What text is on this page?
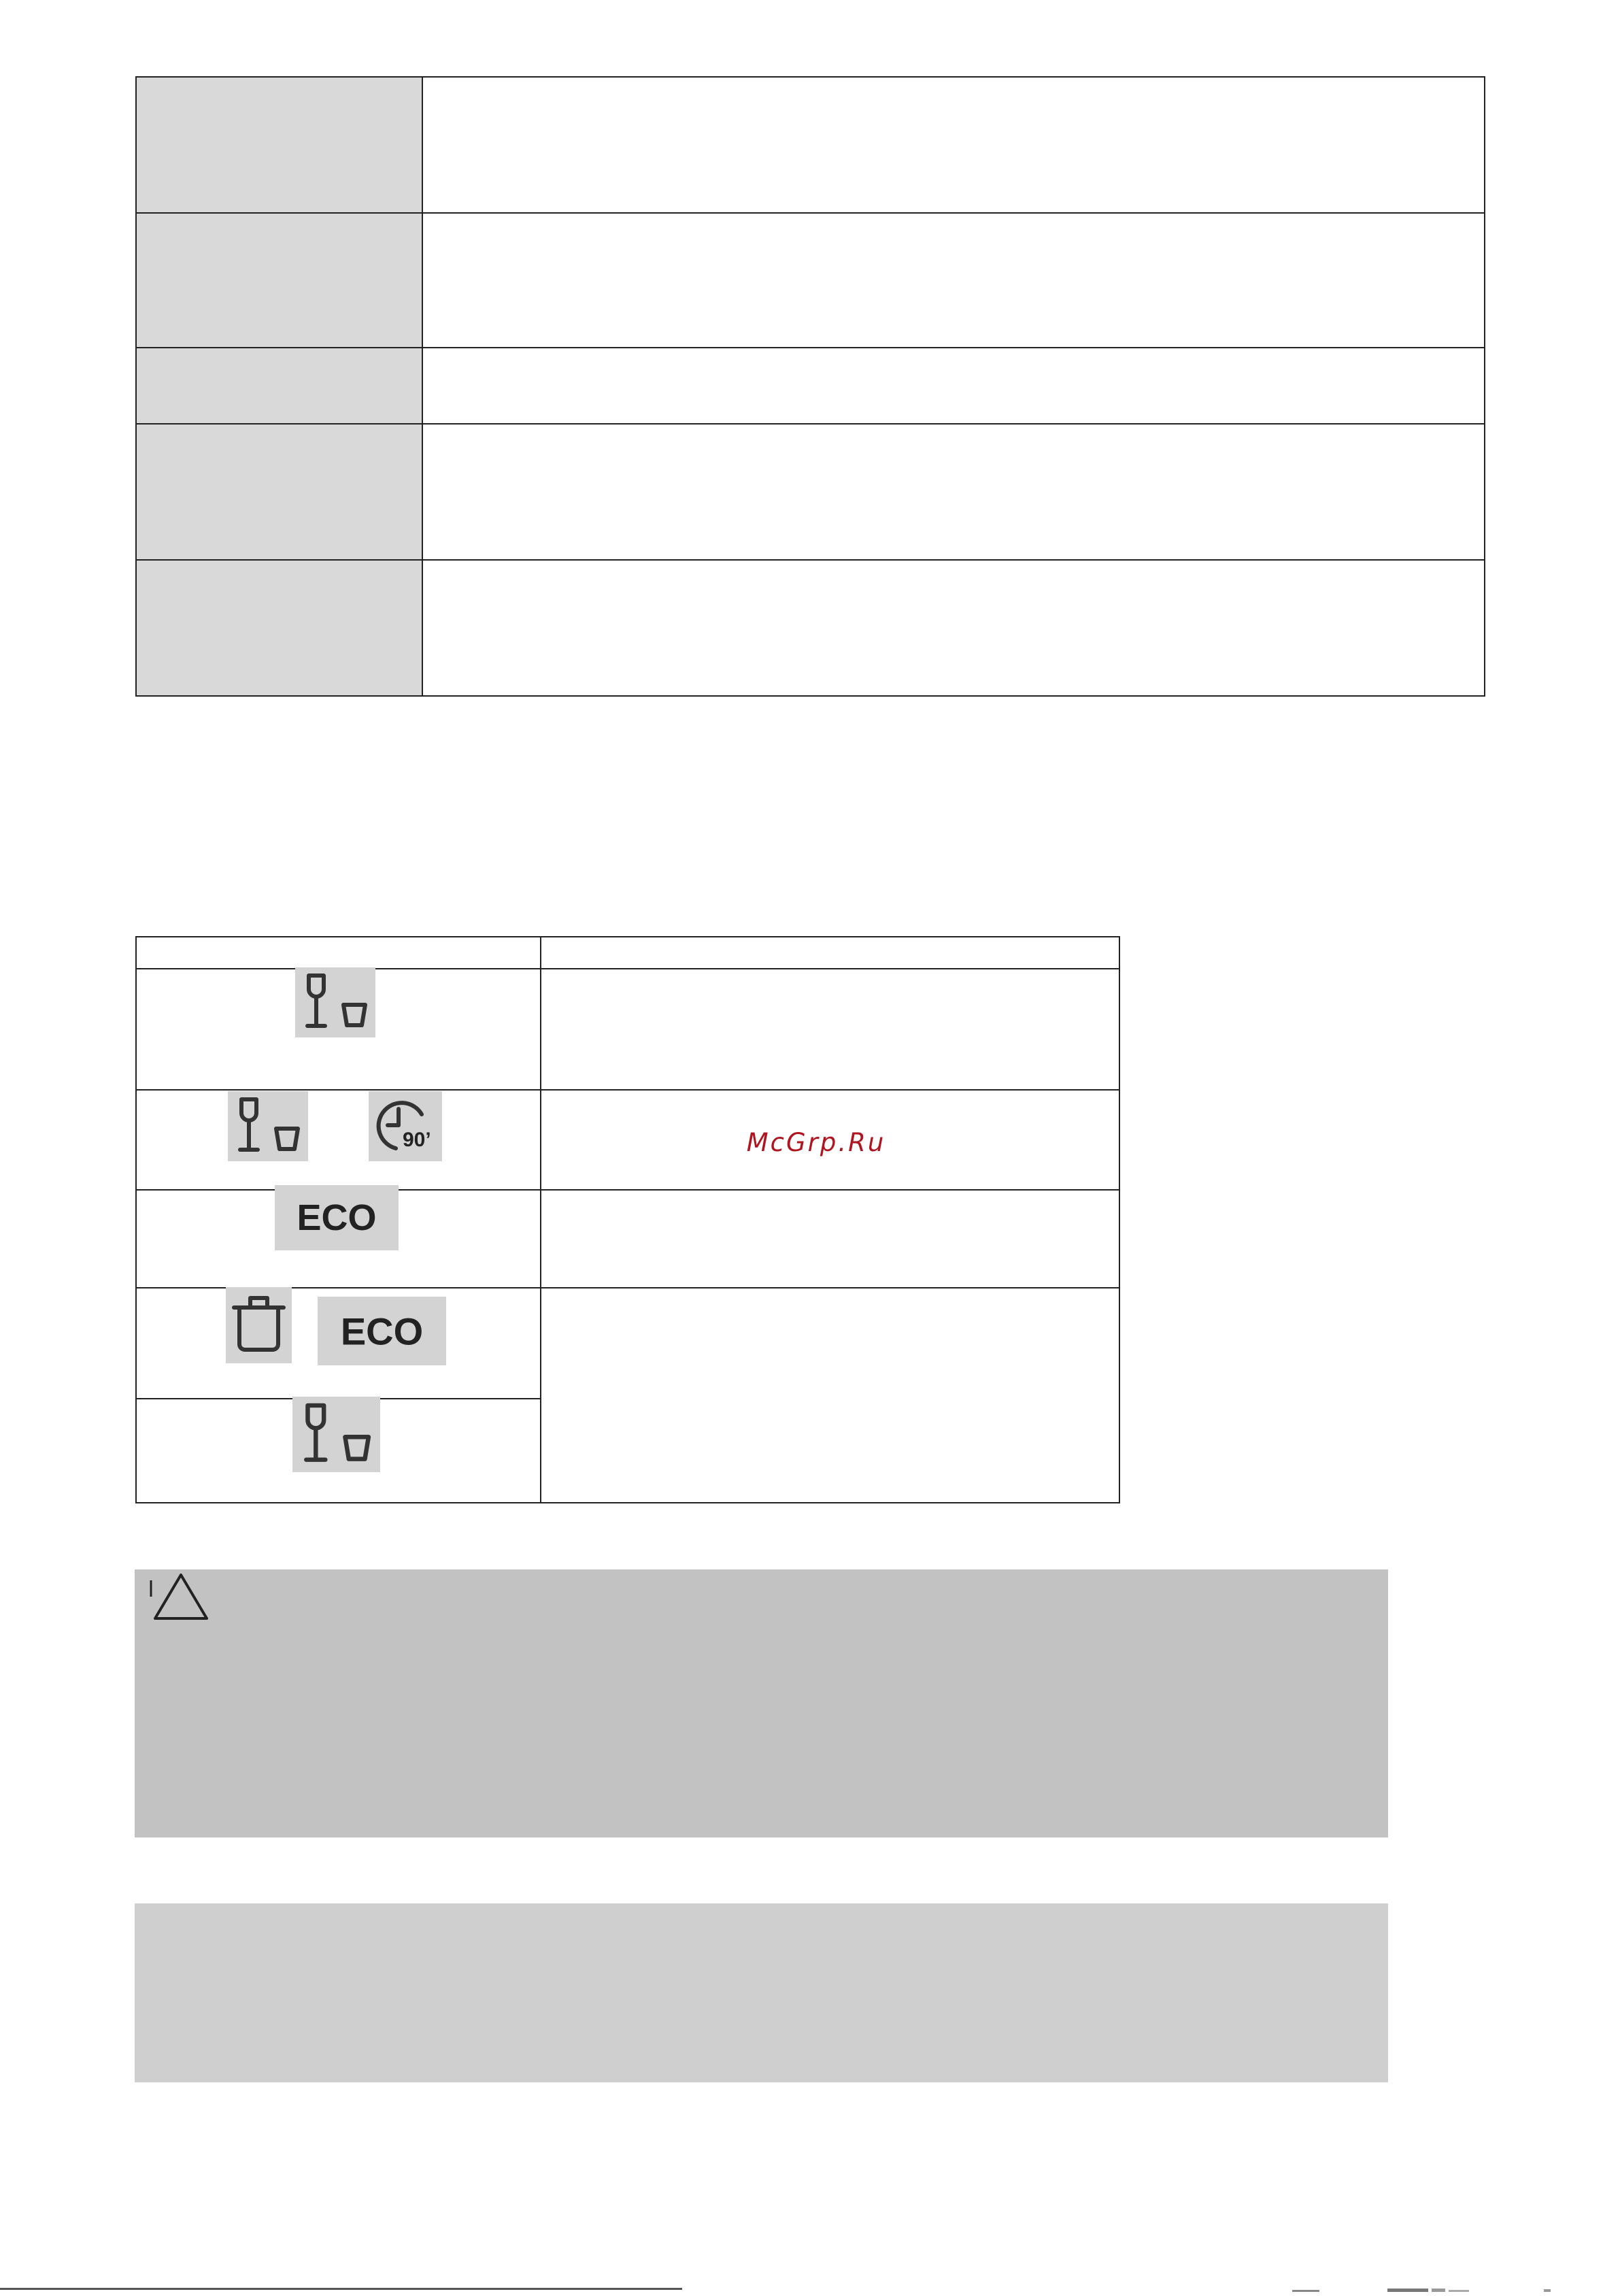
90’
ECO
ECO
McGrp.Ru
